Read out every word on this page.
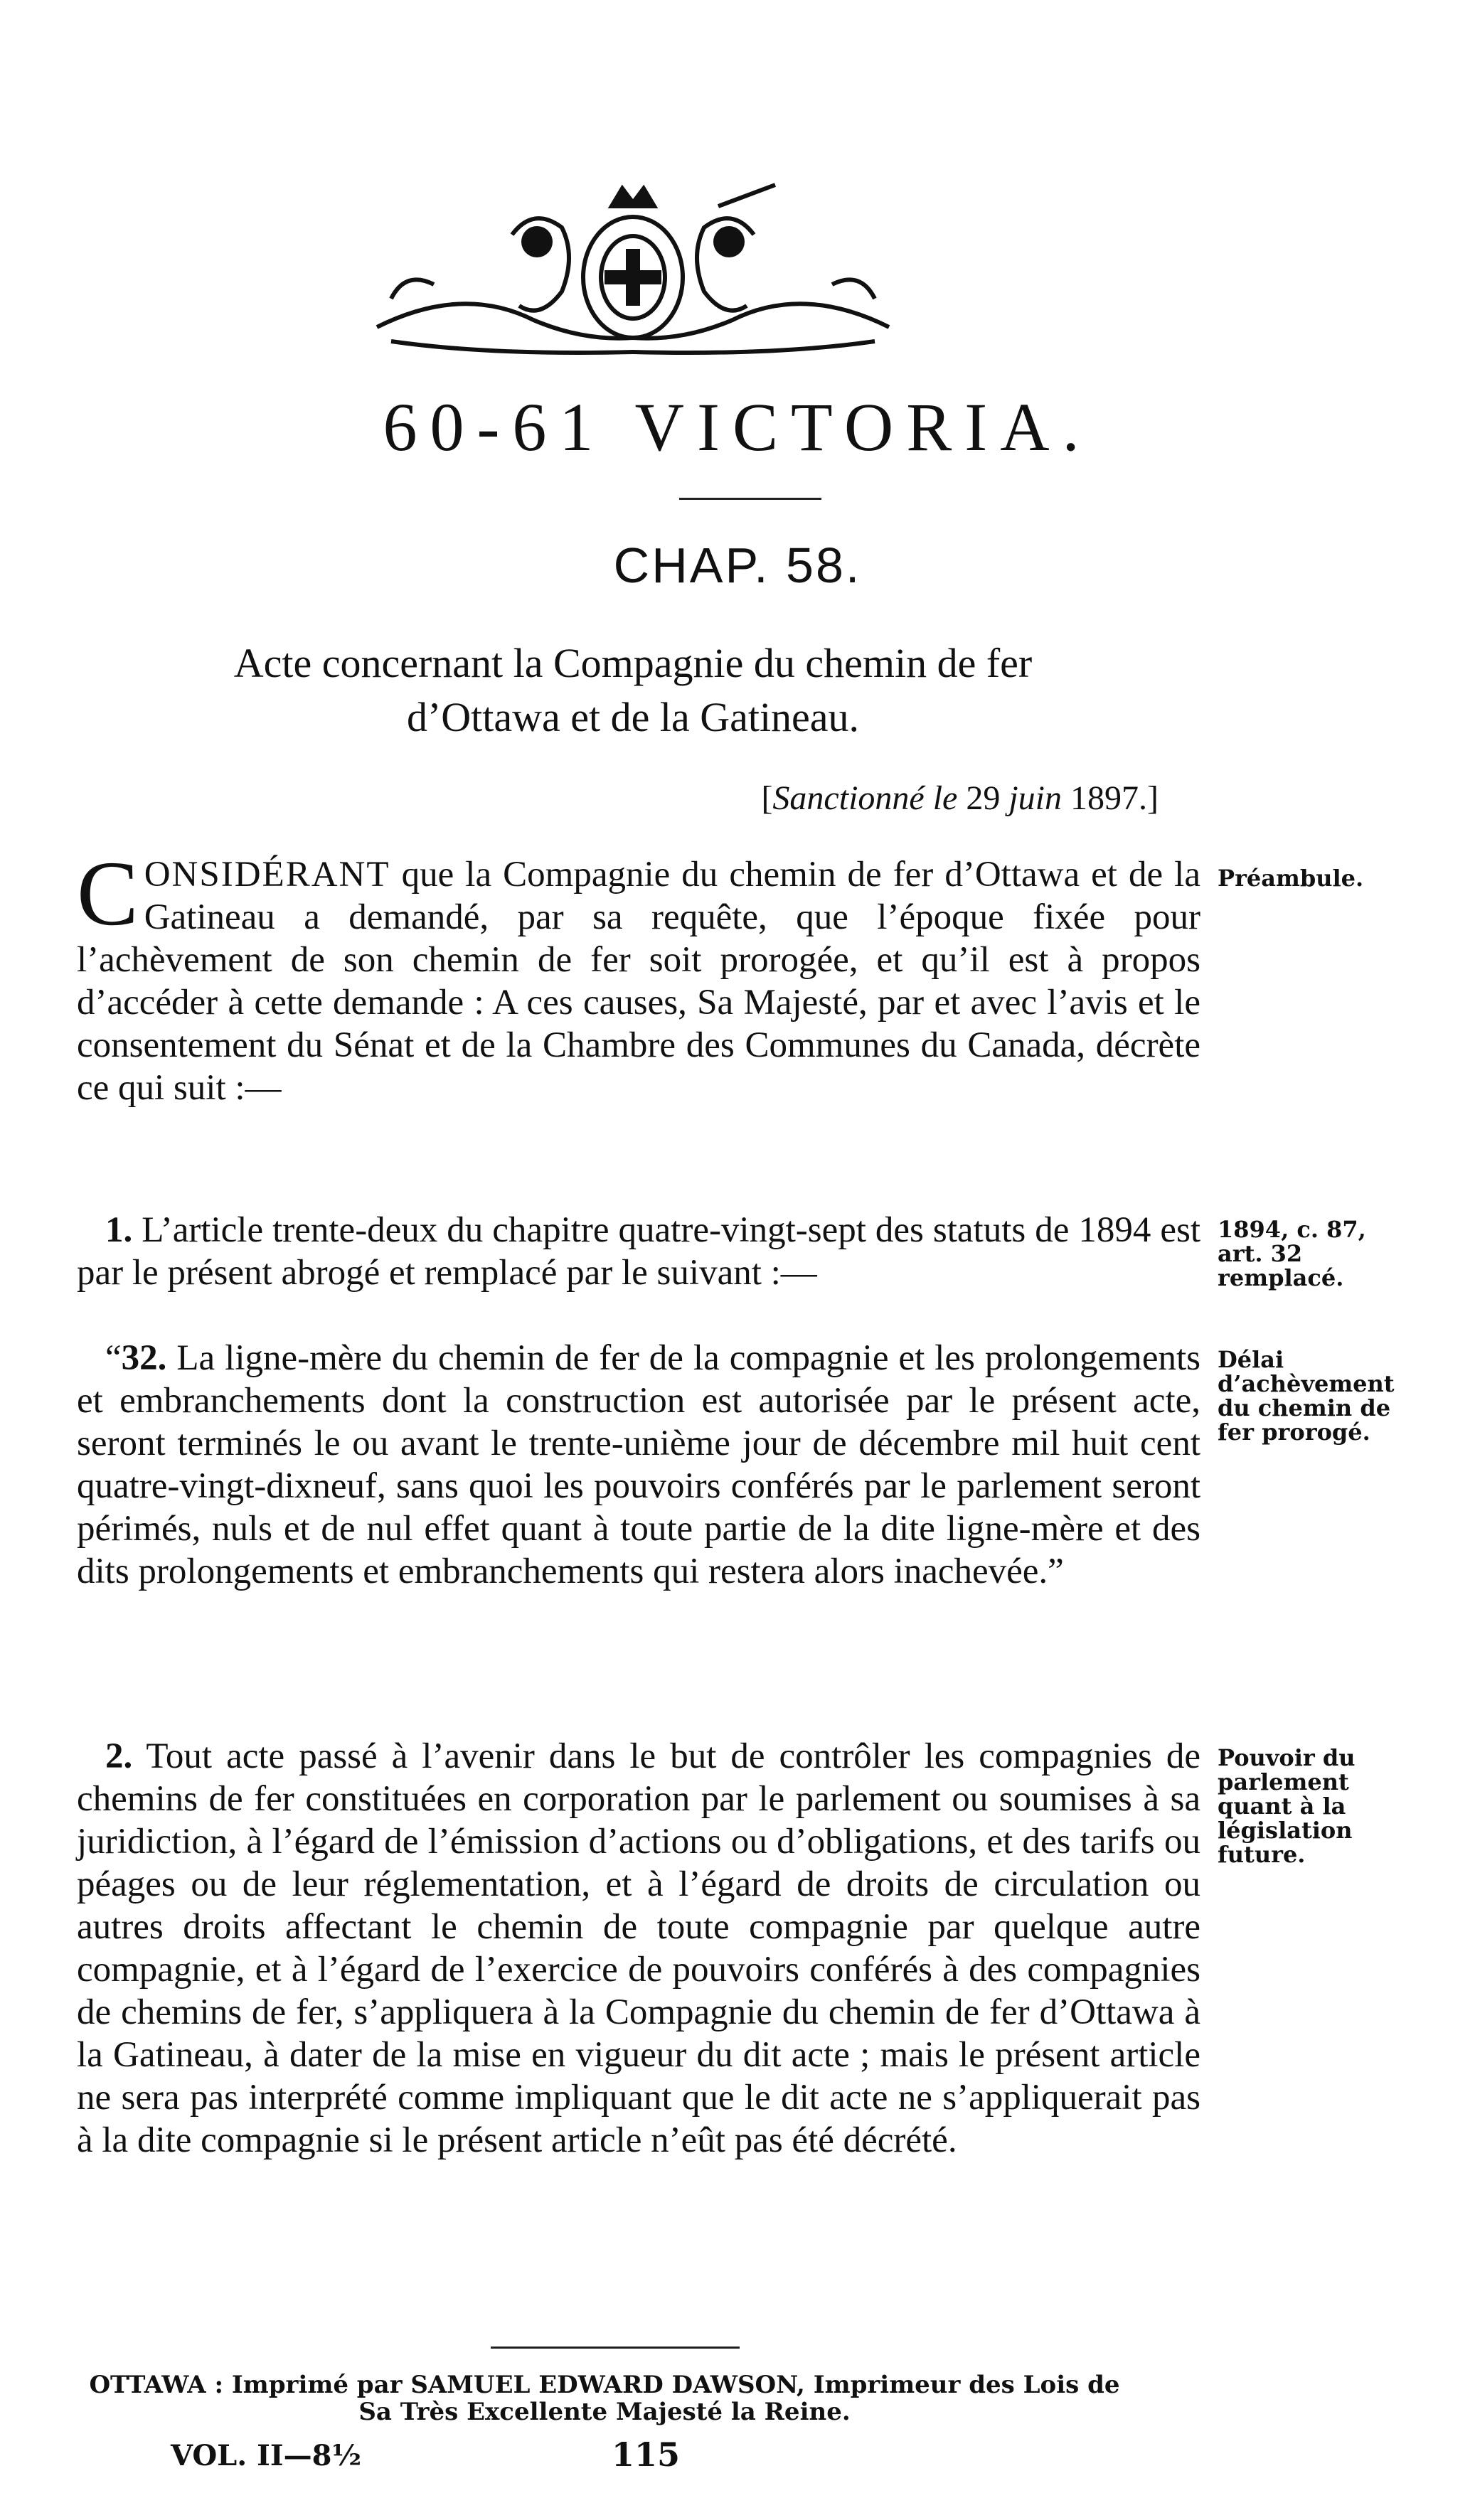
60-61 VICTORIA.
CHAP. 58.
Acte concernant la Compagnie du chemin de fer
d’Ottawa et de la Gatineau.
[Sanctionné le 29 juin 1897.]

CONSIDÉRANT que la Compagnie du chemin de fer d’Ottawa et de la Gatineau a demandé, par sa requête, que l’époque fixée pour l’achèvement de son chemin de fer soit prorogée, et qu’il est à propos d’accéder à cette demande : A ces causes, Sa Majesté, par et avec l’avis et le consentement du Sénat et de la Chambre des Communes du Canada, décrète ce qui suit :—

Préambule.

1. L’article trente-deux du chapitre quatre-vingt-sept des statuts de 1894 est par le présent abrogé et remplacé par le suivant :—

1894, c. 87, art. 32 remplacé.

“32. La ligne-mère du chemin de fer de la compagnie et les prolongements et embranchements dont la construction est autorisée par le présent acte, seront terminés le ou avant le trente-unième jour de décembre mil huit cent quatre-vingt-dixneuf, sans quoi les pouvoirs conférés par le parlement seront périmés, nuls et de nul effet quant à toute partie de la dite ligne-mère et des dits prolongements et embranchements qui restera alors inachevée.”

Délai d’achèvement du chemin de fer prorogé.

2. Tout acte passé à l’avenir dans le but de contrôler les compagnies de chemins de fer constituées en corporation par le parlement ou soumises à sa juridiction, à l’égard de l’émission d’actions ou d’obligations, et des tarifs ou péages ou de leur réglementation, et à l’égard de droits de circulation ou autres droits affectant le chemin de toute compagnie par quelque autre compagnie, et à l’égard de l’exercice de pouvoirs conférés à des compagnies de chemins de fer, s’appliquera à la Compagnie du chemin de fer d’Ottawa à la Gatineau, à dater de la mise en vigueur du dit acte ; mais le présent article ne sera pas interprété comme impliquant que le dit acte ne s’appliquerait pas à la dite compagnie si le présent article n’eût pas été décrété.

Pouvoir du parlement quant à la législation future.
OTTAWA : Imprimé par SAMUEL EDWARD DAWSON, Imprimeur des Lois de
Sa Très Excellente Majesté la Reine.
VOL. II—8½	115
